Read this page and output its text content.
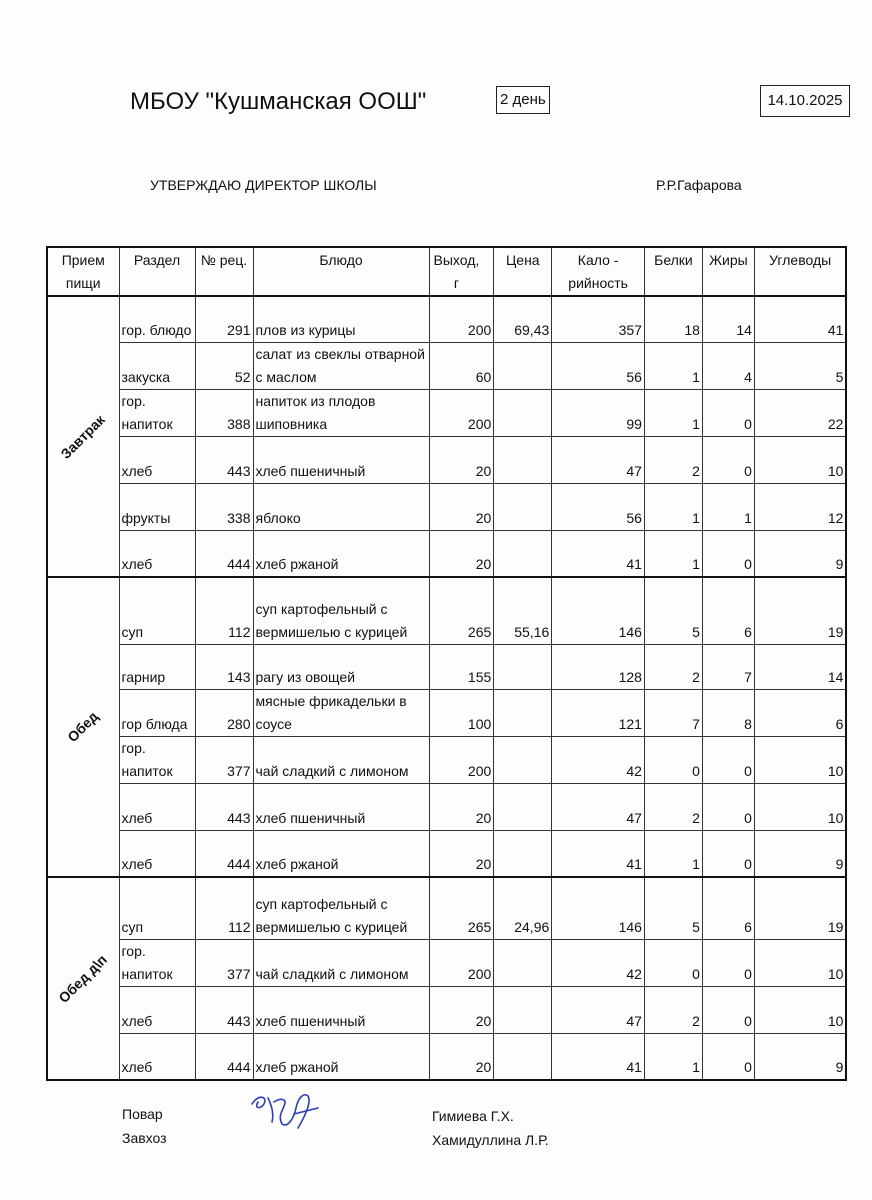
МБОУ "Кушманская ООШ"	2 день	14.10.2025
УТВЕРЖДАЮ ДИРЕКТОР ШКОЛЫ	Р.Р.Гафарова
Прием пищи	Раздел	№ рец.	Блюдо	Выход, г	Цена	Кало - рийность	Белки	Жиры	Углеводы

Завтрак	гор. блюдо	291	плов из курицы	200	69,43	357	18	14	41
	закуска	52	салат из свеклы отварной с маслом	60		56	1	4	5
	гор. напиток	388	напиток из плодов шиповника	200		99	1	0	22
	хлеб	443	хлеб пшеничный	20		47	2	0	10
	фрукты	338	яблоко	20		56	1	1	12
	хлеб	444	хлеб ржаной	20		41	1	0	9

Обед	суп	112	суп картофельный с вермишелью с курицей	265	55,16	146	5	6	19
	гарнир	143	рагу из овощей	155		128	2	7	14
	гор блюда	280	мясные фрикадельки в соусе	100		121	7	8	6
	гор. напиток	377	чай сладкий с лимоном	200		42	0	0	10
	хлеб	443	хлеб пшеничный	20		47	2	0	10
	хлеб	444	хлеб ржаной	20		41	1	0	9

Обед д\п	суп	112	суп картофельный с вермишелью с курицей	265	24,96	146	5	6	19
	гор. напиток	377	чай сладкий с лимоном	200		42	0	0	10
	хлеб	443	хлеб пшеничный	20		47	2	0	10
	хлеб	444	хлеб ржаной	20		41	1	0	9
Повар
Завхоз
Гимиева Г.Х.
Хамидуллина Л.Р.
